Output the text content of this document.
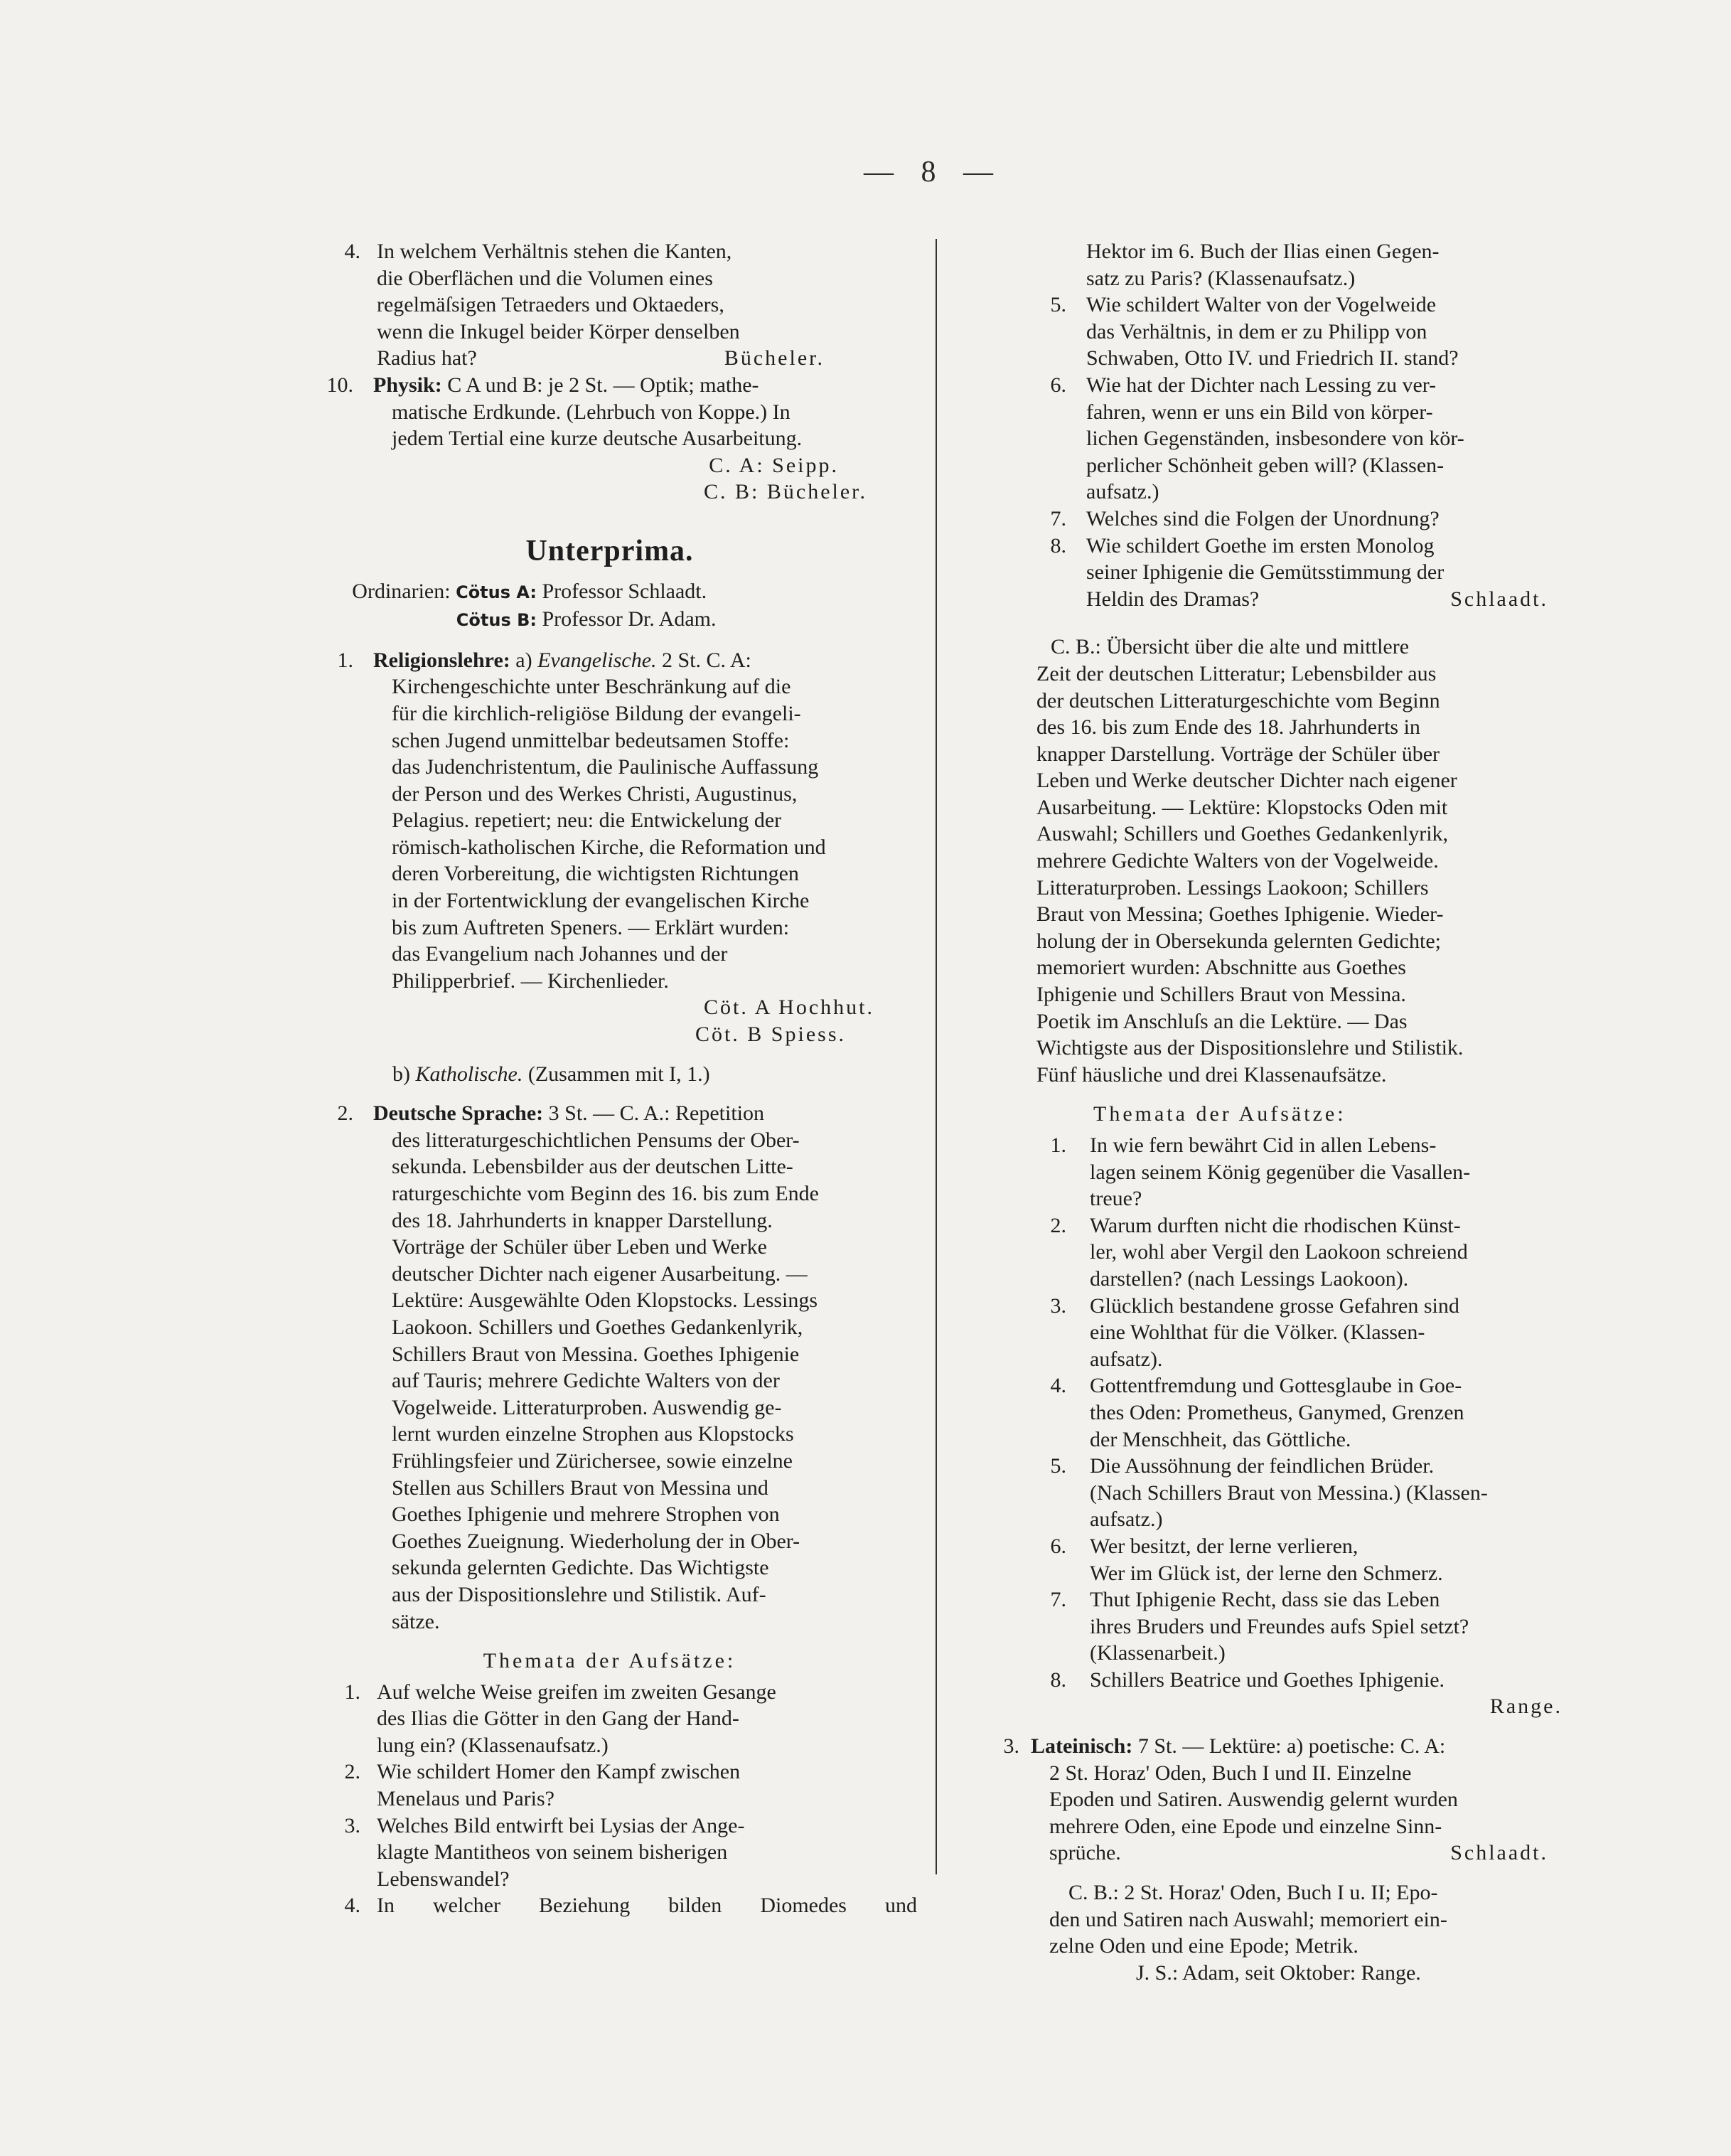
— 8 —
4. In welchem Verhältnis stehen die Kanten,
die Oberflächen und die Volumen eines
regelmäſsigen Tetraeders und Oktaeders,
wenn die Inkugel beider Körper denselben
Radius hat?	Bücheler.
10. Physik: C A und B: je 2 St. — Optik; mathe-
matische Erdkunde. (Lehrbuch von Koppe.) In
jedem Tertial eine kurze deutsche Ausarbeitung.
C. A: Seipp.
C. B: Bücheler.
Unterprima.
Ordinarien: Cötus A: Professor Schlaadt.
Cötus B: Professor Dr. Adam.
1. Religionslehre: a) Evangelische. 2 St. C. A:
Kirchengeschichte unter Beschränkung auf die
für die kirchlich-religiöse Bildung der evangeli-
schen Jugend unmittelbar bedeutsamen Stoffe:
das Judenchristentum, die Paulinische Auffassung
der Person und des Werkes Christi, Augustinus,
Pelagius. repetiert; neu: die Entwickelung der
römisch-katholischen Kirche, die Reformation und
deren Vorbereitung, die wichtigsten Richtungen
in der Fortentwicklung der evangelischen Kirche
bis zum Auftreten Speners. — Erklärt wurden:
das Evangelium nach Johannes und der
Philipperbrief. — Kirchenlieder.
Cöt. A Hochhut.
Cöt. B Spiess.
b) Katholische. (Zusammen mit I, 1.)
2. Deutsche Sprache: 3 St. — C. A.: Repetition
des litteraturgeschichtlichen Pensums der Ober-
sekunda. Lebensbilder aus der deutschen Litte-
raturgeschichte vom Beginn des 16. bis zum Ende
des 18. Jahrhunderts in knapper Darstellung.
Vorträge der Schüler über Leben und Werke
deutscher Dichter nach eigener Ausarbeitung. —
Lektüre: Ausgewählte Oden Klopstocks. Lessings
Laokoon. Schillers und Goethes Gedankenlyrik,
Schillers Braut von Messina. Goethes Iphigenie
auf Tauris; mehrere Gedichte Walters von der
Vogelweide. Litteraturproben. Auswendig ge-
lernt wurden einzelne Strophen aus Klopstocks
Frühlingsfeier und Zürichersee, sowie einzelne
Stellen aus Schillers Braut von Messina und
Goethes Iphigenie und mehrere Strophen von
Goethes Zueignung. Wiederholung der in Ober-
sekunda gelernten Gedichte. Das Wichtigste
aus der Dispositionslehre und Stilistik. Auf-
sätze.
Themata der Aufsätze:
1. Auf welche Weise greifen im zweiten Gesange
des Ilias die Götter in den Gang der Hand-
lung ein? (Klassenaufsatz.)
2. Wie schildert Homer den Kampf zwischen
Menelaus und Paris?
3. Welches Bild entwirft bei Lysias der Ange-
klagte Mantitheos von seinem bisherigen
Lebenswandel?
4. In welcher Beziehung bilden Diomedes und
Hektor im 6. Buch der Ilias einen Gegen-
satz zu Paris? (Klassenaufsatz.)
5. Wie schildert Walter von der Vogelweide
das Verhältnis, in dem er zu Philipp von
Schwaben, Otto IV. und Friedrich II. stand?
6. Wie hat der Dichter nach Lessing zu ver-
fahren, wenn er uns ein Bild von körper-
lichen Gegenständen, insbesondere von kör-
perlicher Schönheit geben will? (Klassen-
aufsatz.)
7. Welches sind die Folgen der Unordnung?
8. Wie schildert Goethe im ersten Monolog
seiner Iphigenie die Gemütsstimmung der
Heldin des Dramas?	Schlaadt.
C. B.: Übersicht über die alte und mittlere
Zeit der deutschen Litteratur; Lebensbilder aus
der deutschen Litteraturgeschichte vom Beginn
des 16. bis zum Ende des 18. Jahrhunderts in
knapper Darstellung. Vorträge der Schüler über
Leben und Werke deutscher Dichter nach eigener
Ausarbeitung. — Lektüre: Klopstocks Oden mit
Auswahl; Schillers und Goethes Gedankenlyrik,
mehrere Gedichte Walters von der Vogelweide.
Litteraturproben. Lessings Laokoon; Schillers
Braut von Messina; Goethes Iphigenie. Wieder-
holung der in Obersekunda gelernten Gedichte;
memoriert wurden: Abschnitte aus Goethes
Iphigenie und Schillers Braut von Messina.
Poetik im Anschluſs an die Lektüre. — Das
Wichtigste aus der Dispositionslehre und Stilistik.
Fünf häusliche und drei Klassenaufsätze.
Themata der Aufsätze:
1. In wie fern bewährt Cid in allen Lebens-
lagen seinem König gegenüber die Vasallen-
treue?
2. Warum durften nicht die rhodischen Künst-
ler, wohl aber Vergil den Laokoon schreiend
darstellen? (nach Lessings Laokoon).
3. Glücklich bestandene grosse Gefahren sind
eine Wohlthat für die Völker. (Klassen-
aufsatz).
4. Gottentfremdung und Gottesglaube in Goe-
thes Oden: Prometheus, Ganymed, Grenzen
der Menschheit, das Göttliche.
5. Die Aussöhnung der feindlichen Brüder.
(Nach Schillers Braut von Messina.) (Klassen-
aufsatz.)
6. Wer besitzt, der lerne verlieren,
Wer im Glück ist, der lerne den Schmerz.
7. Thut Iphigenie Recht, dass sie das Leben
ihres Bruders und Freundes aufs Spiel setzt?
(Klassenarbeit.)
8. Schillers Beatrice und Goethes Iphigenie.
Range.
3. Lateinisch: 7 St. — Lektüre: a) poetische: C. A:
2 St. Horaz' Oden, Buch I und II. Einzelne
Epoden und Satiren. Auswendig gelernt wurden
mehrere Oden, eine Epode und einzelne Sinn-
sprüche.	Schlaadt.
C. B.: 2 St. Horaz' Oden, Buch I u. II; Epo-
den und Satiren nach Auswahl; memoriert ein-
zelne Oden und eine Epode; Metrik.
J. S.: Adam, seit Oktober: Range.
